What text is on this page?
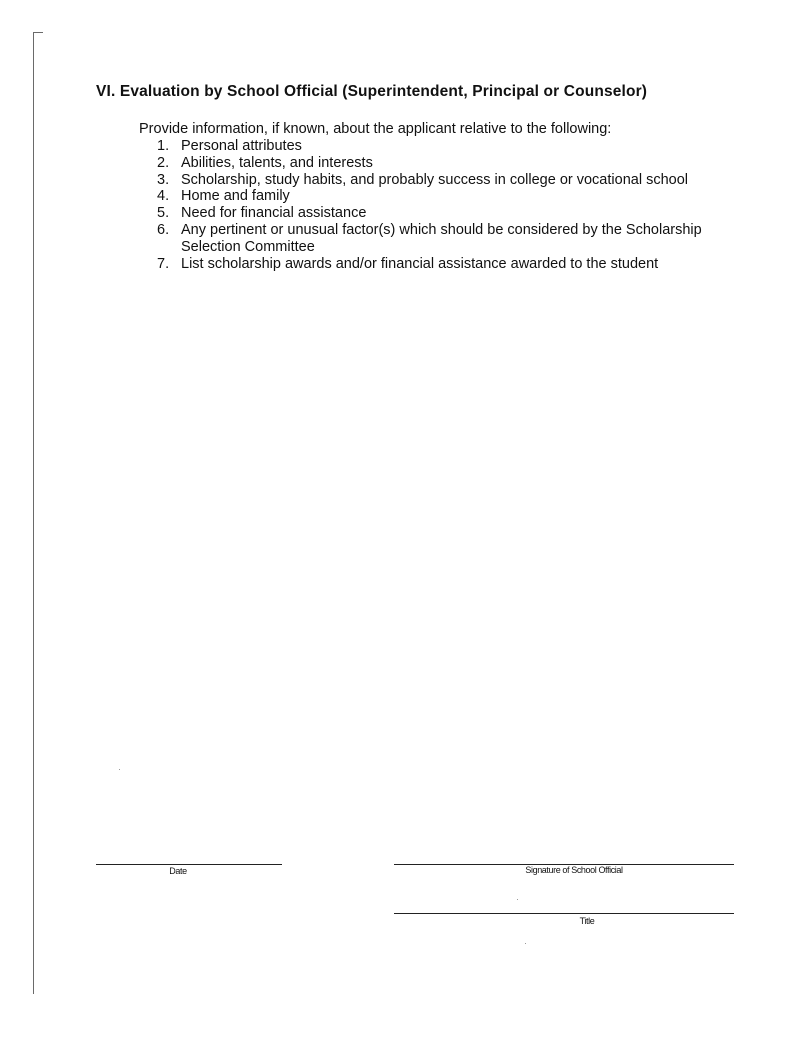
VI. Evaluation by School Official (Superintendent, Principal or Counselor)

Provide information, if known, about the applicant relative to the following:

1. Personal attributes
2. Abilities, talents, and interests
3. Scholarship, study habits, and probably success in college or vocational school
4. Home and family
5. Need for financial assistance
6. Any pertinent or unusual factor(s) which should be considered by the Scholarship
Selection Committee
7. List scholarship awards and/or financial assistance awarded to the student
Date	Signature of School Official
Title
